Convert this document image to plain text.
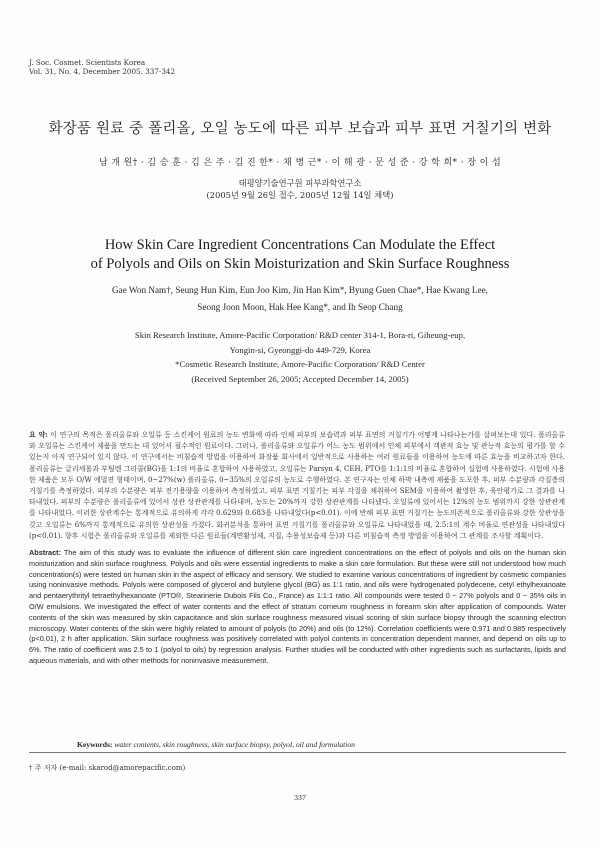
J. Soc. Cosmet. Scientists Korea
Vol. 31, No. 4, December 2005. 337-342
화장품 원료 중 폴리올, 오일 농도에 따른 피부 보습과 피부 표면 거칠기의 변화
남 개 원† · 김 승 훈 · 김 은 주 · 김 진 한* · 채 병 근* · 이 해 광 · 문 성 준 · 강 학 희* · 장 이 섭
태평양기술연구원 피부과학연구소
(2005년 9월 26일 접수, 2005년 12월 14일 채택)
How Skin Care Ingredient Concentrations Can Modulate the Effect
of Polyols and Oils on Skin Moisturization and Skin Surface Roughness
Gae Won Nam†, Seung Hun Kim, Eun Joo Kim, Jin Han Kim*, Byung Guen Chae*, Hae Kwang Lee,
Seong Joon Moon, Hak Hee Kang*, and Ih Seop Chang
Skin Research Institute, Amore-Pacific Corporation/ R&D center 314-1, Bora-ri, Giheung-eup,
Yongin-si, Gyeonggi-do 449-729, Korea
*Cosmetic Research Institute, Amore-Pacific Corporation/ R&D Center
(Received September 26, 2005; Accepted December 14, 2005)
요 약: 이 연구의 목적은 폴리올류와 오일류 등 스킨케어 원료의 농도 변화에 따라 인체 피부의 보습력과 피부 표면의 거칠기가 어떻게 나타나는가를 살펴보는데 있다. 폴리올류와 오일류는 스킨케어 제품을 만드는 데 있어서 필수적인 원료이다. 그러나, 폴리올류와 오일류가 어느 농도 범위에서 인체 피부에서 객관적 효능 및 관능적 효능의 평가를 할 수 있는지 아직 연구되어 있지 않다. 이 연구에서는 비침습적 방법을 이용하여 화장품 회사에서 일반적으로 사용하는 여러 원료들을 이용하여 농도에 따른 효능을 비교하고자 한다. 폴리올류는 글리세롤과 부틸렌 그리콜(BG)을 1:1의 비율로 혼합하여 사용하였고, 오일류는 Parsyn 4, CEH, PTO를 1:1:1의 비율로 혼합하여 실험에 사용하였다. 시험에 사용한 제품은 모두 O/W 에멀젼 형태이며, 0~27%(w) 폴리올류, 0~35%의 오일류의 농도로 수행하였다. 본 연구자는 인체 하박 내측에 제품을 도포한 후, 피부 수분량과 각질층의 거칠기를 측정하였다. 피부의 수분량은 피부 전기용량을 이용하여 측정하였고, 피부 표면 거칠기는 피부 각질을 채취하여 SEM을 이용하여 촬영한 후, 육안평가로 그 결과를 나타내었다. 피부의 수분량은 폴리올류에 있어서 상관 상관관계를 나타내며, 농도는 20%까지 강한 상관관계를 나타냈다. 오일류에 있어서는 12%의 농도 범위까지 강한 상관관계를 나타내었다. 이러한 상관계수는 통계적으로 유의하게 각각 0.629와 0.683을 나타내었다(p<0.01). 이에 반해 피부 표면 거칠기는 농도의존적으로 폴리올류와 강한 상관성을 갖고 오일류는 6%까지 통계적으로 유의한 상관성을 가졌다. 회귀분석을 통하여 표면 거칠기를 폴리올류와 오일류로 나타내었을 때, 2.5:1의 계수 비율로 연관성을 나타내었다(p<0.01). 향후 시험은 폴리올류와 오일류를 제외한 다른 원료들(계면활성제, 지질, 수용성보습제 등)과 다른 비침습적 측정 방법을 이용하여 그 관계를 조사할 계획이다.
Abstract: The aim of this study was to evaluate the influence of different skin care ingredient concentrations on the effect of polyols and oils on the human skin moisturization and skin surface roughness. Polyols and oils were essential ingredients to make a skin care formulation. But these were still not understood how much concentration(s) were tested on human skin in the aspect of efficacy and sensory. We studied to examine various concentrations of ingredient by cosmetic companies using noninvasive methods. Polyols were composed of glycerol and butylene glycol (BG) as 1:1 ratio, and oils were hydrogenated polydecene, cetyl ethylhexanoate and pentaerythrityl tetraethylhexanoate (PTO®, Stearinerie Dubois Fils Co., France) as 1:1:1 ratio. All compounds were tested 0 ~ 27% polyols and 0 ~ 35% oils in O/W emulsions. We investigated the effect of water contents and the effect of stratum corneum roughness in forearm skin after application of compounds. Water contents of the skin was measured by skin capacitance and skin surface roughness measured visual scoring of skin surface biopsy through the scanning electron microscopy. Water contents of the skin were highly related to amount of polyols (to 20%) and oils (to 12%). Correlation coefficients were 0.971 and 0.985 respectively (p<0.01), 2 h after application. Skin surface roughness was positively correlated with polyol contents in concentration dependent manner, and depend on oils up to 6%. The ratio of coefficient was 2.5 to 1 (polyol to oils) by regression analysis. Further studies will be conducted with other ingredients such as surfactants, lipids and aqueous materials, and with other methods for noninvasive measurement.
Keywords: water contents, skin roughness, skin surface biopsy, polyol, oil and formulation
† 주 저자 (e-mail: skarod@amorepacific.com)
337
